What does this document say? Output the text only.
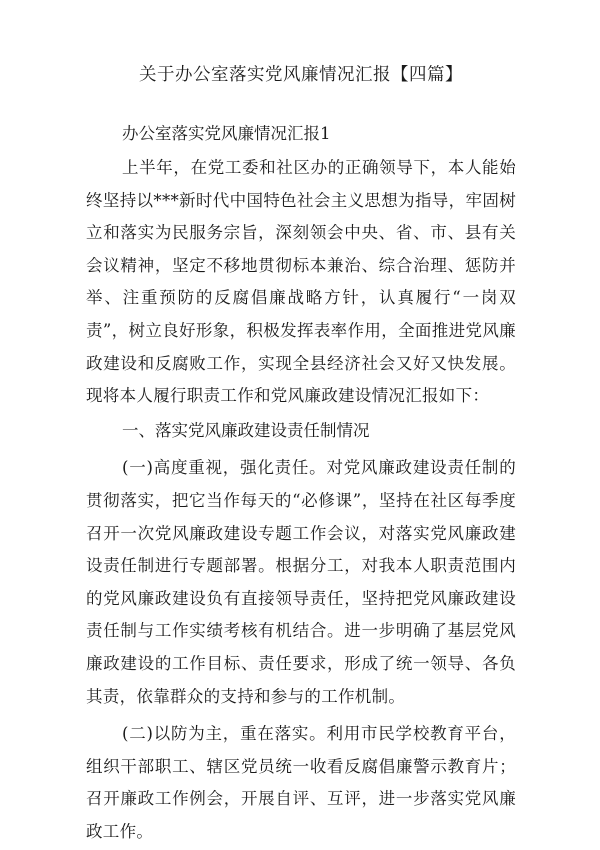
关于办公室落实党风廉情况汇报【四篇】

办公室落实党风廉情况汇报1

上半年，在党工委和社区办的正确领导下，本人能始终坚持以***新时代中国特色社会主义思想为指导，牢固树立和落实为民服务宗旨，深刻领会中央、省、市、县有关会议精神，坚定不移地贯彻标本兼治、综合治理、惩防并举、注重预防的反腐倡廉战略方针，认真履行“一岗双责”，树立良好形象，积极发挥表率作用，全面推进党风廉政建设和反腐败工作，实现全县经济社会又好又快发展。现将本人履行职责工作和党风廉政建设情况汇报如下：

一、落实党风廉政建设责任制情况

(一)高度重视，强化责任。对党风廉政建设责任制的贯彻落实，把它当作每天的“必修课”，坚持在社区每季度召开一次党风廉政建设专题工作会议，对落实党风廉政建设责任制进行专题部署。根据分工，对我本人职责范围内的党风廉政建设负有直接领导责任，坚持把党风廉政建设责任制与工作实绩考核有机结合。进一步明确了基层党风廉政建设的工作目标、责任要求，形成了统一领导、各负其责，依靠群众的支持和参与的工作机制。

(二)以防为主，重在落实。利用市民学校教育平台，组织干部职工、辖区党员统一收看反腐倡廉警示教育片；召开廉政工作例会，开展自评、互评，进一步落实党风廉政工作。
